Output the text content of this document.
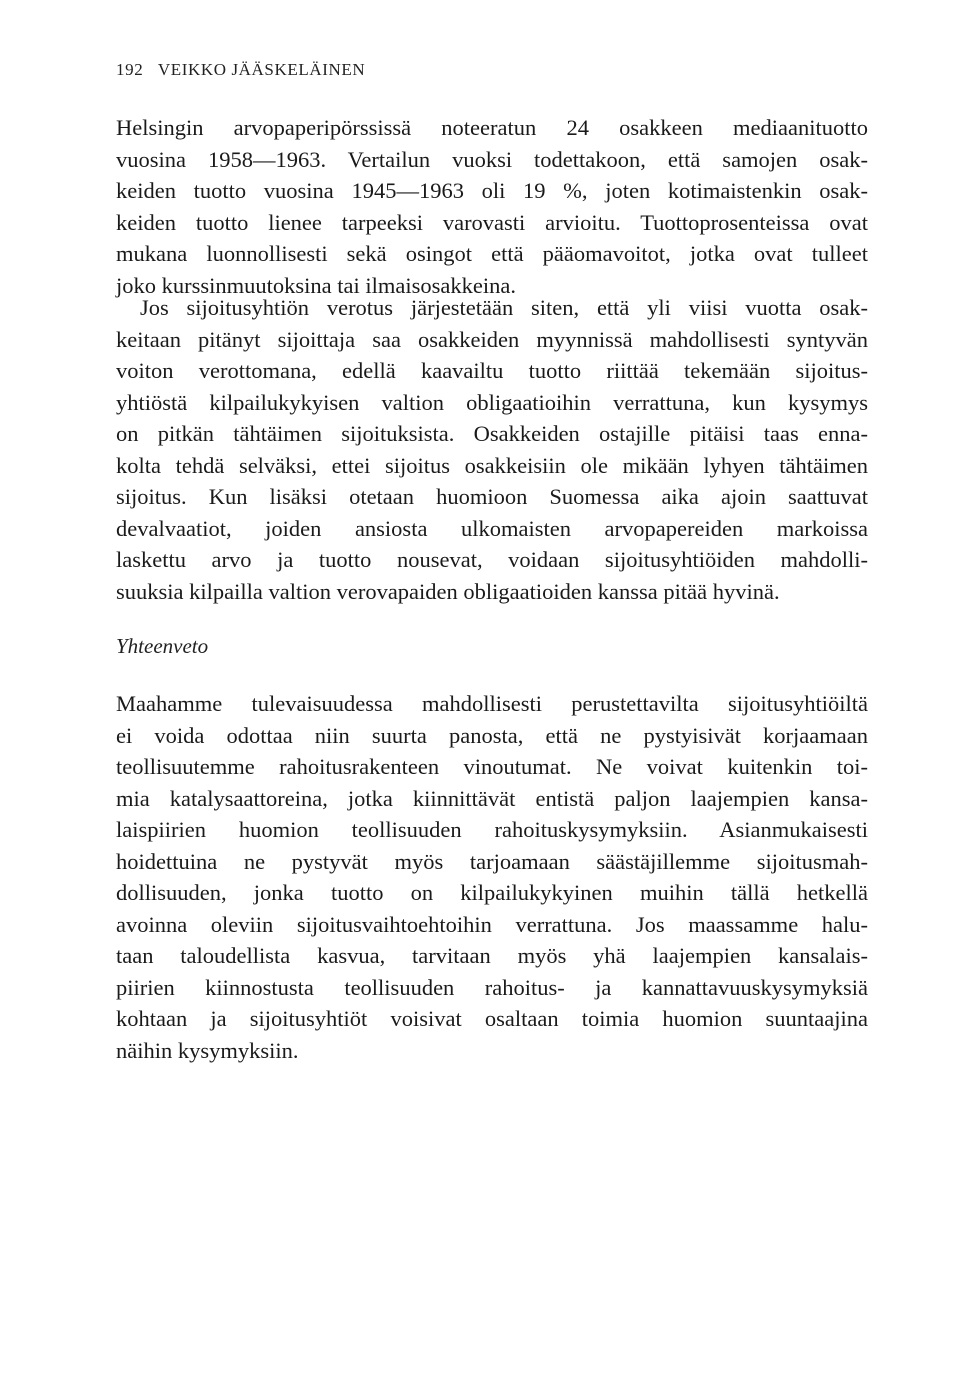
192 VEIKKO JÄÄSKELÄINEN
Helsingin arvopaperipörssissä noteeratun 24 osakkeen mediaanituotto
vuosina 1958—1963. Vertailun vuoksi todettakoon, että samojen osak-
keiden tuotto vuosina 1945—1963 oli 19 %, joten kotimaistenkin osak-
keiden tuotto lienee tarpeeksi varovasti arvioitu. Tuottoprosenteissa ovat
mukana luonnollisesti sekä osingot että pääomavoitot, jotka ovat tulleet
joko kurssinmuutoksina tai ilmaisosakkeina.
Jos sijoitusyhtiön verotus järjestetään siten, että yli viisi vuotta osak-
keitaan pitänyt sijoittaja saa osakkeiden myynnissä mahdollisesti syntyvän
voiton verottomana, edellä kaavailtu tuotto riittää tekemään sijoitus-
yhtiöstä kilpailukykyisen valtion obligaatioihin verrattuna, kun kysymys
on pitkän tähtäimen sijoituksista. Osakkeiden ostajille pitäisi taas enna-
kolta tehdä selväksi, ettei sijoitus osakkeisiin ole mikään lyhyen tähtäimen
sijoitus. Kun lisäksi otetaan huomioon Suomessa aika ajoin saattuvat
devalvaatiot, joiden ansiosta ulkomaisten arvopapereiden markoissa
laskettu arvo ja tuotto nousevat, voidaan sijoitusyhtiöiden mahdolli-
suuksia kilpailla valtion verovapaiden obligaatioiden kanssa pitää hyvinä.
Yhteenveto
Maahamme tulevaisuudessa mahdollisesti perustettavilta sijoitusyhtiöiltä
ei voida odottaa niin suurta panosta, että ne pystyisivät korjaamaan
teollisuutemme rahoitusrakenteen vinoutumat. Ne voivat kuitenkin toi-
mia katalysaattoreina, jotka kiinnittävät entistä paljon laajempien kansa-
laispiirien huomion teollisuuden rahoituskysymyksiin. Asianmukaisesti
hoidettuina ne pystyvät myös tarjoamaan säästäjillemme sijoitusmah-
dollisuuden, jonka tuotto on kilpailukykyinen muihin tällä hetkellä
avoinna oleviin sijoitusvaihtoehtoihin verrattuna. Jos maassamme halu-
taan taloudellista kasvua, tarvitaan myös yhä laajempien kansalais-
piirien kiinnostusta teollisuuden rahoitus- ja kannattavuuskysymyksiä
kohtaan ja sijoitusyhtiöt voisivat osaltaan toimia huomion suuntaajina
näihin kysymyksiin.
